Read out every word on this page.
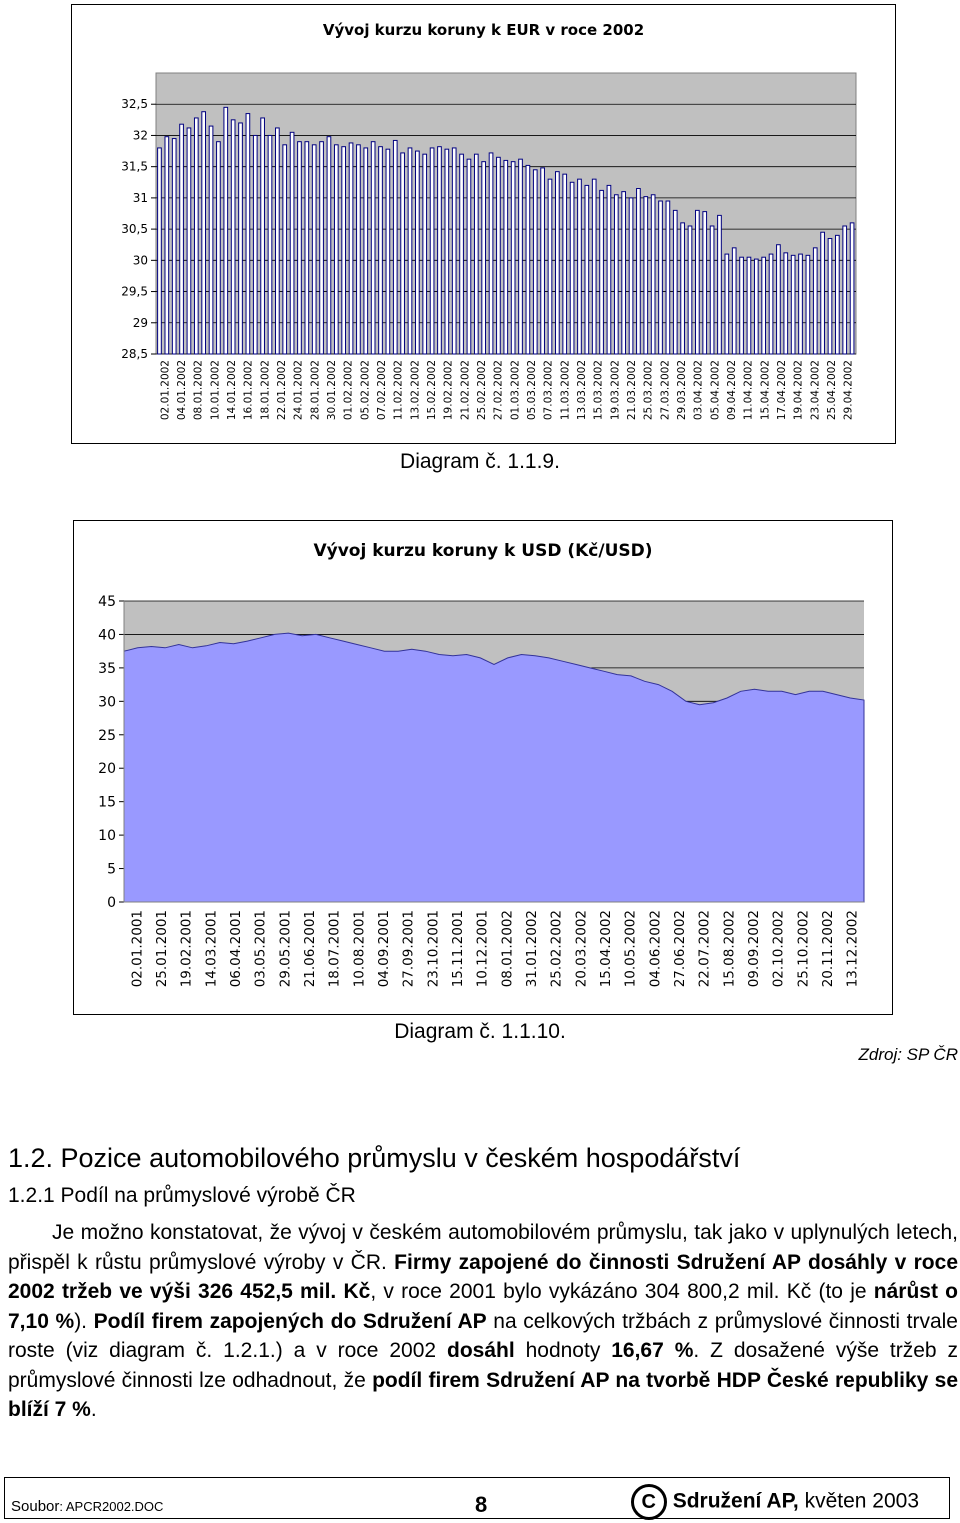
Vývoj kurzu koruny k EUR v roce 2002
28,5
29
29,5
30
30,5
31
31,5
32
32,5
02.01.2002 04.01.2002 08.01.2002 10.01.2002 14.01.2002 16.01.2002 18.01.2002 22.01.2002 24.01.2002 28.01.2002 30.01.2002 01.02.2002 05.02.2002 07.02.2002 11.02.2002 13.02.2002 15.02.2002 19.02.2002 21.02.2002 25.02.2002 27.02.2002 01.03.2002 05.03.2002 07.03.2002 11.03.2002 13.03.2002 15.03.2002 19.03.2002 21.03.2002 25.03.2002 27.03.2002 29.03.2002 03.04.2002 05.04.2002 09.04.2002 11.04.2002 15.04.2002 17.04.2002 19.04.2002 23.04.2002 25.04.2002 29.04.2002
Diagram č. 1.1.9.
Vývoj kurzu koruny k USD (Kč/USD)
0
5
10
15
20
25
30
35
40
45
02.01.2001 25.01.2001 19.02.2001 14.03.2001 06.04.2001 03.05.2001 29.05.2001 21.06.2001 18.07.2001 10.08.2001 04.09.2001 27.09.2001 23.10.2001 15.11.2001 10.12.2001 08.01.2002 31.01.2002 25.02.2002 20.03.2002 15.04.2002 10.05.2002 04.06.2002 27.06.2002 22.07.2002 15.08.2002 09.09.2002 02.10.2002 25.10.2002 20.11.2002 13.12.2002
Diagram č. 1.1.10.
Zdroj: SP ČR
1.2. Pozice automobilového průmyslu v českém hospodářství
1.2.1 Podíl na průmyslové výrobě ČR
Je možno konstatovat, že vývoj v českém automobilovém průmyslu, tak jako v uplynulých letech, přispěl k růstu průmyslové výroby v ČR. Firmy zapojené do činnosti Sdružení AP dosáhly v roce 2002 tržeb ve výši 326 452,5 mil. Kč, v roce 2001 bylo vykázáno 304 800,2 mil. Kč (to je nárůst o 7,10 %). Podíl firem zapojených do Sdružení AP na celkových tržbách z průmyslové činnosti trvale roste (viz diagram č. 1.2.1.) a v roce 2002 dosáhl hodnoty 16,67 %. Z dosažené výše tržeb z průmyslové činnosti lze odhadnout, že podíl firem Sdružení AP na tvorbě HDP České republiky se blíží 7 %.
Soubor: APCR2002.DOC	8	C Sdružení AP, květen 2003
